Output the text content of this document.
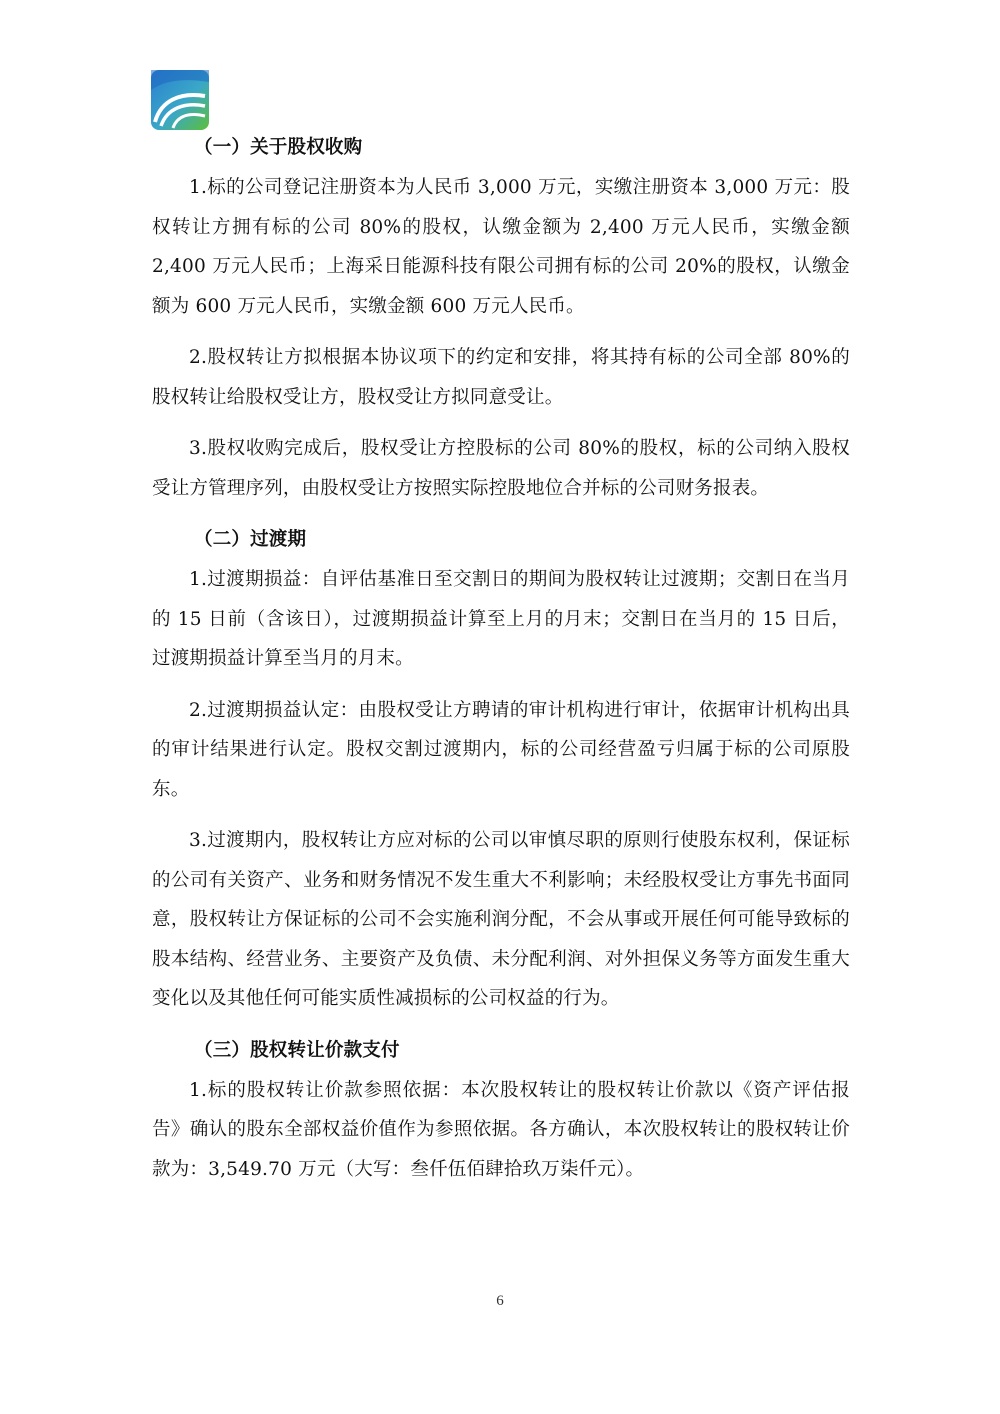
（一）关于股权收购

1.标的公司登记注册资本为人民币 3,000 万元，实缴注册资本 3,000 万元：股权转让方拥有标的公司 80%的股权，认缴金额为 2,400 万元人民币，实缴金额 2,400 万元人民币；上海采日能源科技有限公司拥有标的公司 20%的股权，认缴金额为 600 万元人民币，实缴金额 600 万元人民币。

2.股权转让方拟根据本协议项下的约定和安排，将其持有标的公司全部 80%的股权转让给股权受让方，股权受让方拟同意受让。

3.股权收购完成后，股权受让方控股标的公司 80%的股权，标的公司纳入股权受让方管理序列，由股权受让方按照实际控股地位合并标的公司财务报表。

（二）过渡期

1.过渡期损益：自评估基准日至交割日的期间为股权转让过渡期；交割日在当月的 15 日前（含该日），过渡期损益计算至上月的月末；交割日在当月的 15 日后，过渡期损益计算至当月的月末。

2.过渡期损益认定：由股权受让方聘请的审计机构进行审计，依据审计机构出具的审计结果进行认定。股权交割过渡期内，标的公司经营盈亏归属于标的公司原股东。

3.过渡期内，股权转让方应对标的公司以审慎尽职的原则行使股东权利，保证标的公司有关资产、业务和财务情况不发生重大不利影响；未经股权受让方事先书面同意，股权转让方保证标的公司不会实施利润分配，不会从事或开展任何可能导致标的股本结构、经营业务、主要资产及负债、未分配利润、对外担保义务等方面发生重大变化以及其他任何可能实质性减损标的公司权益的行为。

（三）股权转让价款支付

1.标的股权转让价款参照依据：本次股权转让的股权转让价款以《资产评估报告》确认的股东全部权益价值作为参照依据。各方确认，本次股权转让的股权转让价款为：3,549.70 万元（大写：叁仟伍佰肆拾玖万柒仟元）。

6
